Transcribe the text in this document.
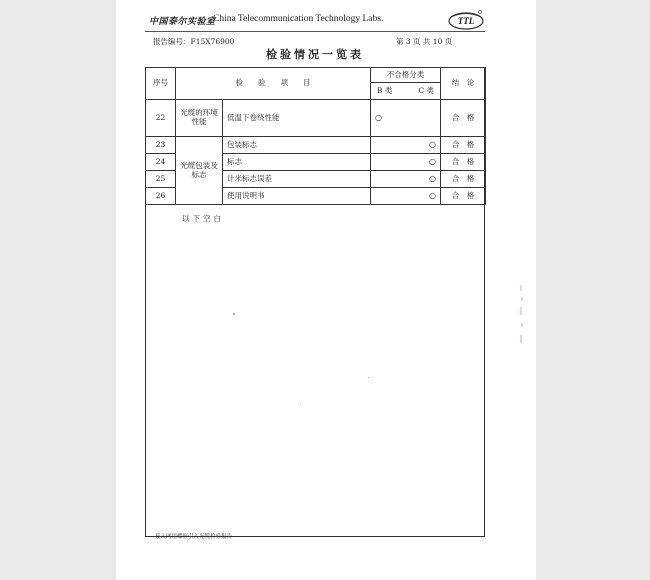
中国泰尔实验室
China Telecommunication Technology Labs.	TTL
报告编号：F15X76900	第 3 页 共 10 页
检验情况一览表
序号	检　　验　　项　　目		不合格分类
B 类 C 类	结　论
22	光缆的环境性能	低温下卷绕性能	○	合　格
23	光缆包装及标志	包装标志	○	合　格
24		标志	○	合　格
25		计米标志误差	○	合　格
26		使用说明书	○	合　格
以下空白
接入网用蝶形引入光缆检验报告
